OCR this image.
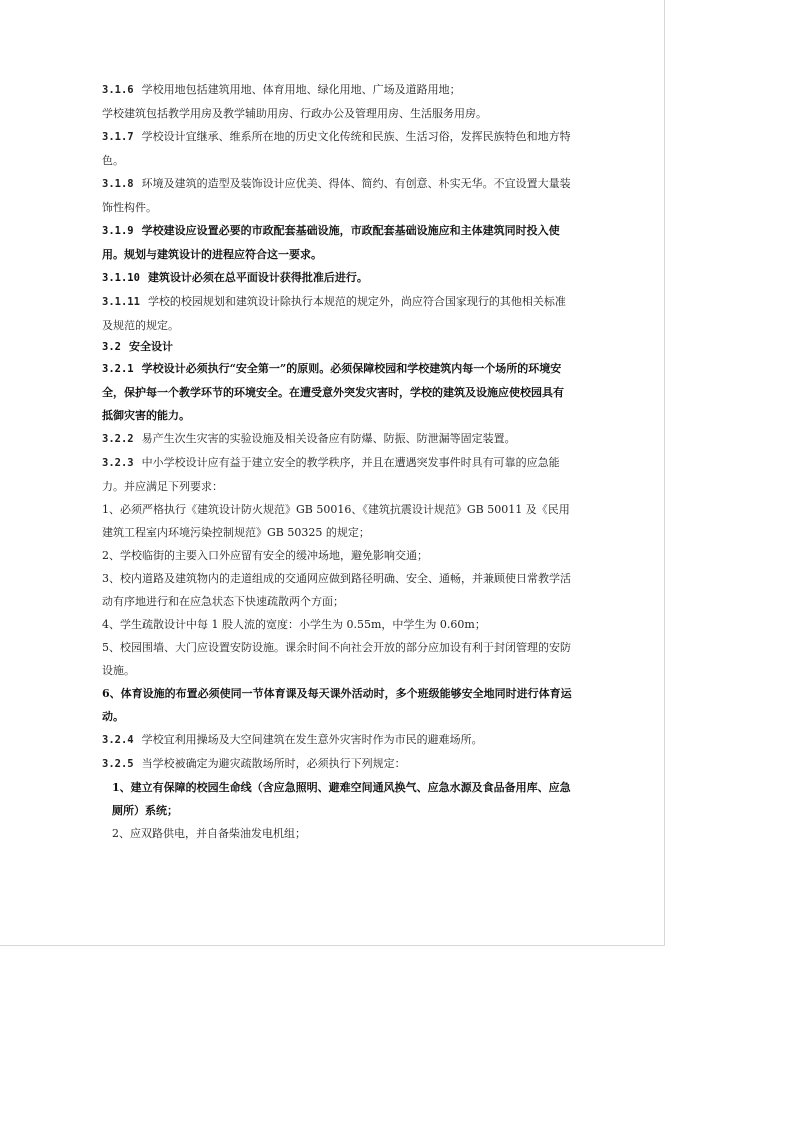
3.1.6 学校用地包括建筑用地、体育用地、绿化用地、广场及道路用地；

学校建筑包括教学用房及教学辅助用房、行政办公及管理用房、生活服务用房。

3.1.7 学校设计宜继承、维系所在地的历史文化传统和民族、生活习俗，发挥民族特色和地方特色。

3.1.8 环境及建筑的造型及装饰设计应优美、得体、简约、有创意、朴实无华。不宜设置大量装饰性构件。

3.1.9 学校建设应设置必要的市政配套基础设施，市政配套基础设施应和主体建筑同时投入使用。规划与建筑设计的进程应符合这一要求。

3.1.10 建筑设计必须在总平面设计获得批准后进行。

3.1.11 学校的校园规划和建筑设计除执行本规范的规定外，尚应符合国家现行的其他相关标准及规范的规定。

3.2 安全设计

3.2.1 学校设计必须执行“安全第一”的原则。必须保障校园和学校建筑内每一个场所的环境安全，保护每一个教学环节的环境安全。在遭受意外突发灾害时，学校的建筑及设施应使校园具有抵御灾害的能力。

3.2.2 易产生次生灾害的实验设施及相关设备应有防爆、防振、防泄漏等固定装置。

3.2.3 中小学校设计应有益于建立安全的教学秩序，并且在遭遇突发事件时具有可靠的应急能力。并应满足下列要求：

1、必须严格执行《建筑设计防火规范》GB 50016、《建筑抗震设计规范》GB 50011 及《民用建筑工程室内环境污染控制规范》GB 50325 的规定；

2、学校临街的主要入口外应留有安全的缓冲场地，避免影响交通；

3、校内道路及建筑物内的走道组成的交通网应做到路径明确、安全、通畅，并兼顾使日常教学活动有序地进行和在应急状态下快速疏散两个方面；

4、学生疏散设计中每 1 股人流的宽度：小学生为 0.55m，中学生为 0.60m；

5、校园围墙、大门应设置安防设施。课余时间不向社会开放的部分应加设有利于封闭管理的安防设施。

6、体育设施的布置必须使同一节体育课及每天课外活动时，多个班级能够安全地同时进行体育运动。

3.2.4 学校宜利用操场及大空间建筑在发生意外灾害时作为市民的避难场所。

3.2.5 当学校被确定为避灾疏散场所时，必须执行下列规定：

1、建立有保障的校园生命线（含应急照明、避难空间通风换气、应急水源及食品备用库、应急厕所）系统；

2、应双路供电，并自备柴油发电机组；
